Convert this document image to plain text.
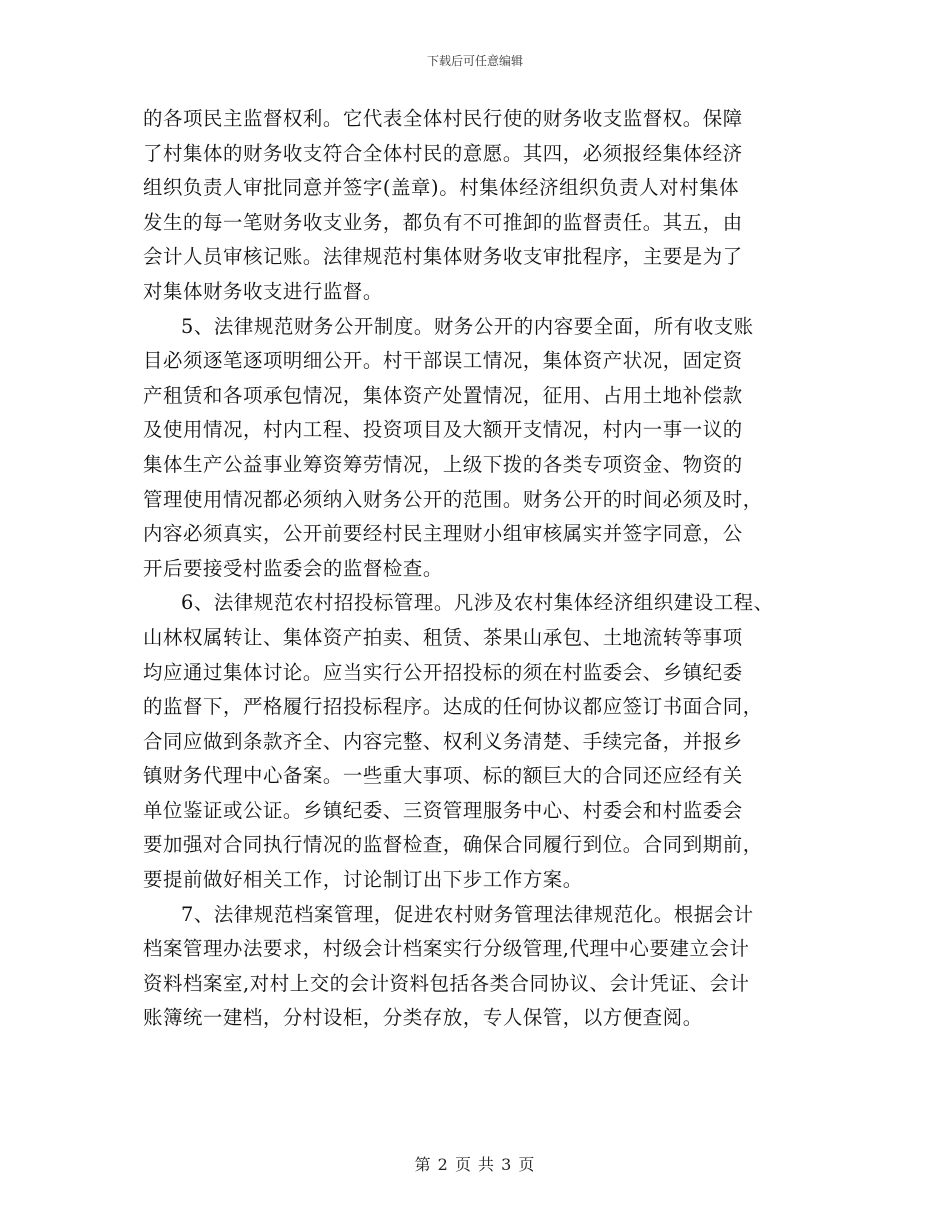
下载后可任意编辑
的各项民主监督权利。它代表全体村民行使的财务收支监督权。保障
了村集体的财务收支符合全体村民的意愿。其四，必须报经集体经济
组织负责人审批同意并签字(盖章)。村集体经济组织负责人对村集体
发生的每一笔财务收支业务，都负有不可推卸的监督责任。其五，由
会计人员审核记账。法律规范村集体财务收支审批程序，主要是为了
对集体财务收支进行监督。
5、法律规范财务公开制度。财务公开的内容要全面，所有收支账
目必须逐笔逐项明细公开。村干部误工情况，集体资产状况，固定资
产租赁和各项承包情况，集体资产处置情况，征用、占用土地补偿款
及使用情况，村内工程、投资项目及大额开支情况，村内一事一议的
集体生产公益事业筹资筹劳情况，上级下拨的各类专项资金、物资的
管理使用情况都必须纳入财务公开的范围。财务公开的时间必须及时，
内容必须真实，公开前要经村民主理财小组审核属实并签字同意，公
开后要接受村监委会的监督检查。
6、法律规范农村招投标管理。凡涉及农村集体经济组织建设工程、
山林权属转让、集体资产拍卖、租赁、茶果山承包、土地流转等事项
均应通过集体讨论。应当实行公开招投标的须在村监委会、乡镇纪委
的监督下，严格履行招投标程序。达成的任何协议都应签订书面合同，
合同应做到条款齐全、内容完整、权利义务清楚、手续完备，并报乡
镇财务代理中心备案。一些重大事项、标的额巨大的合同还应经有关
单位鉴证或公证。乡镇纪委、三资管理服务中心、村委会和村监委会
要加强对合同执行情况的监督检查，确保合同履行到位。合同到期前，
要提前做好相关工作，讨论制订出下步工作方案。
7、法律规范档案管理，促进农村财务管理法律规范化。根据会计
档案管理办法要求，村级会计档案实行分级管理,代理中心要建立会计
资料档案室,对村上交的会计资料包括各类合同协议、会计凭证、会计
账簿统一建档，分村设柜，分类存放，专人保管，以方便查阅。
第 2 页 共 3 页
